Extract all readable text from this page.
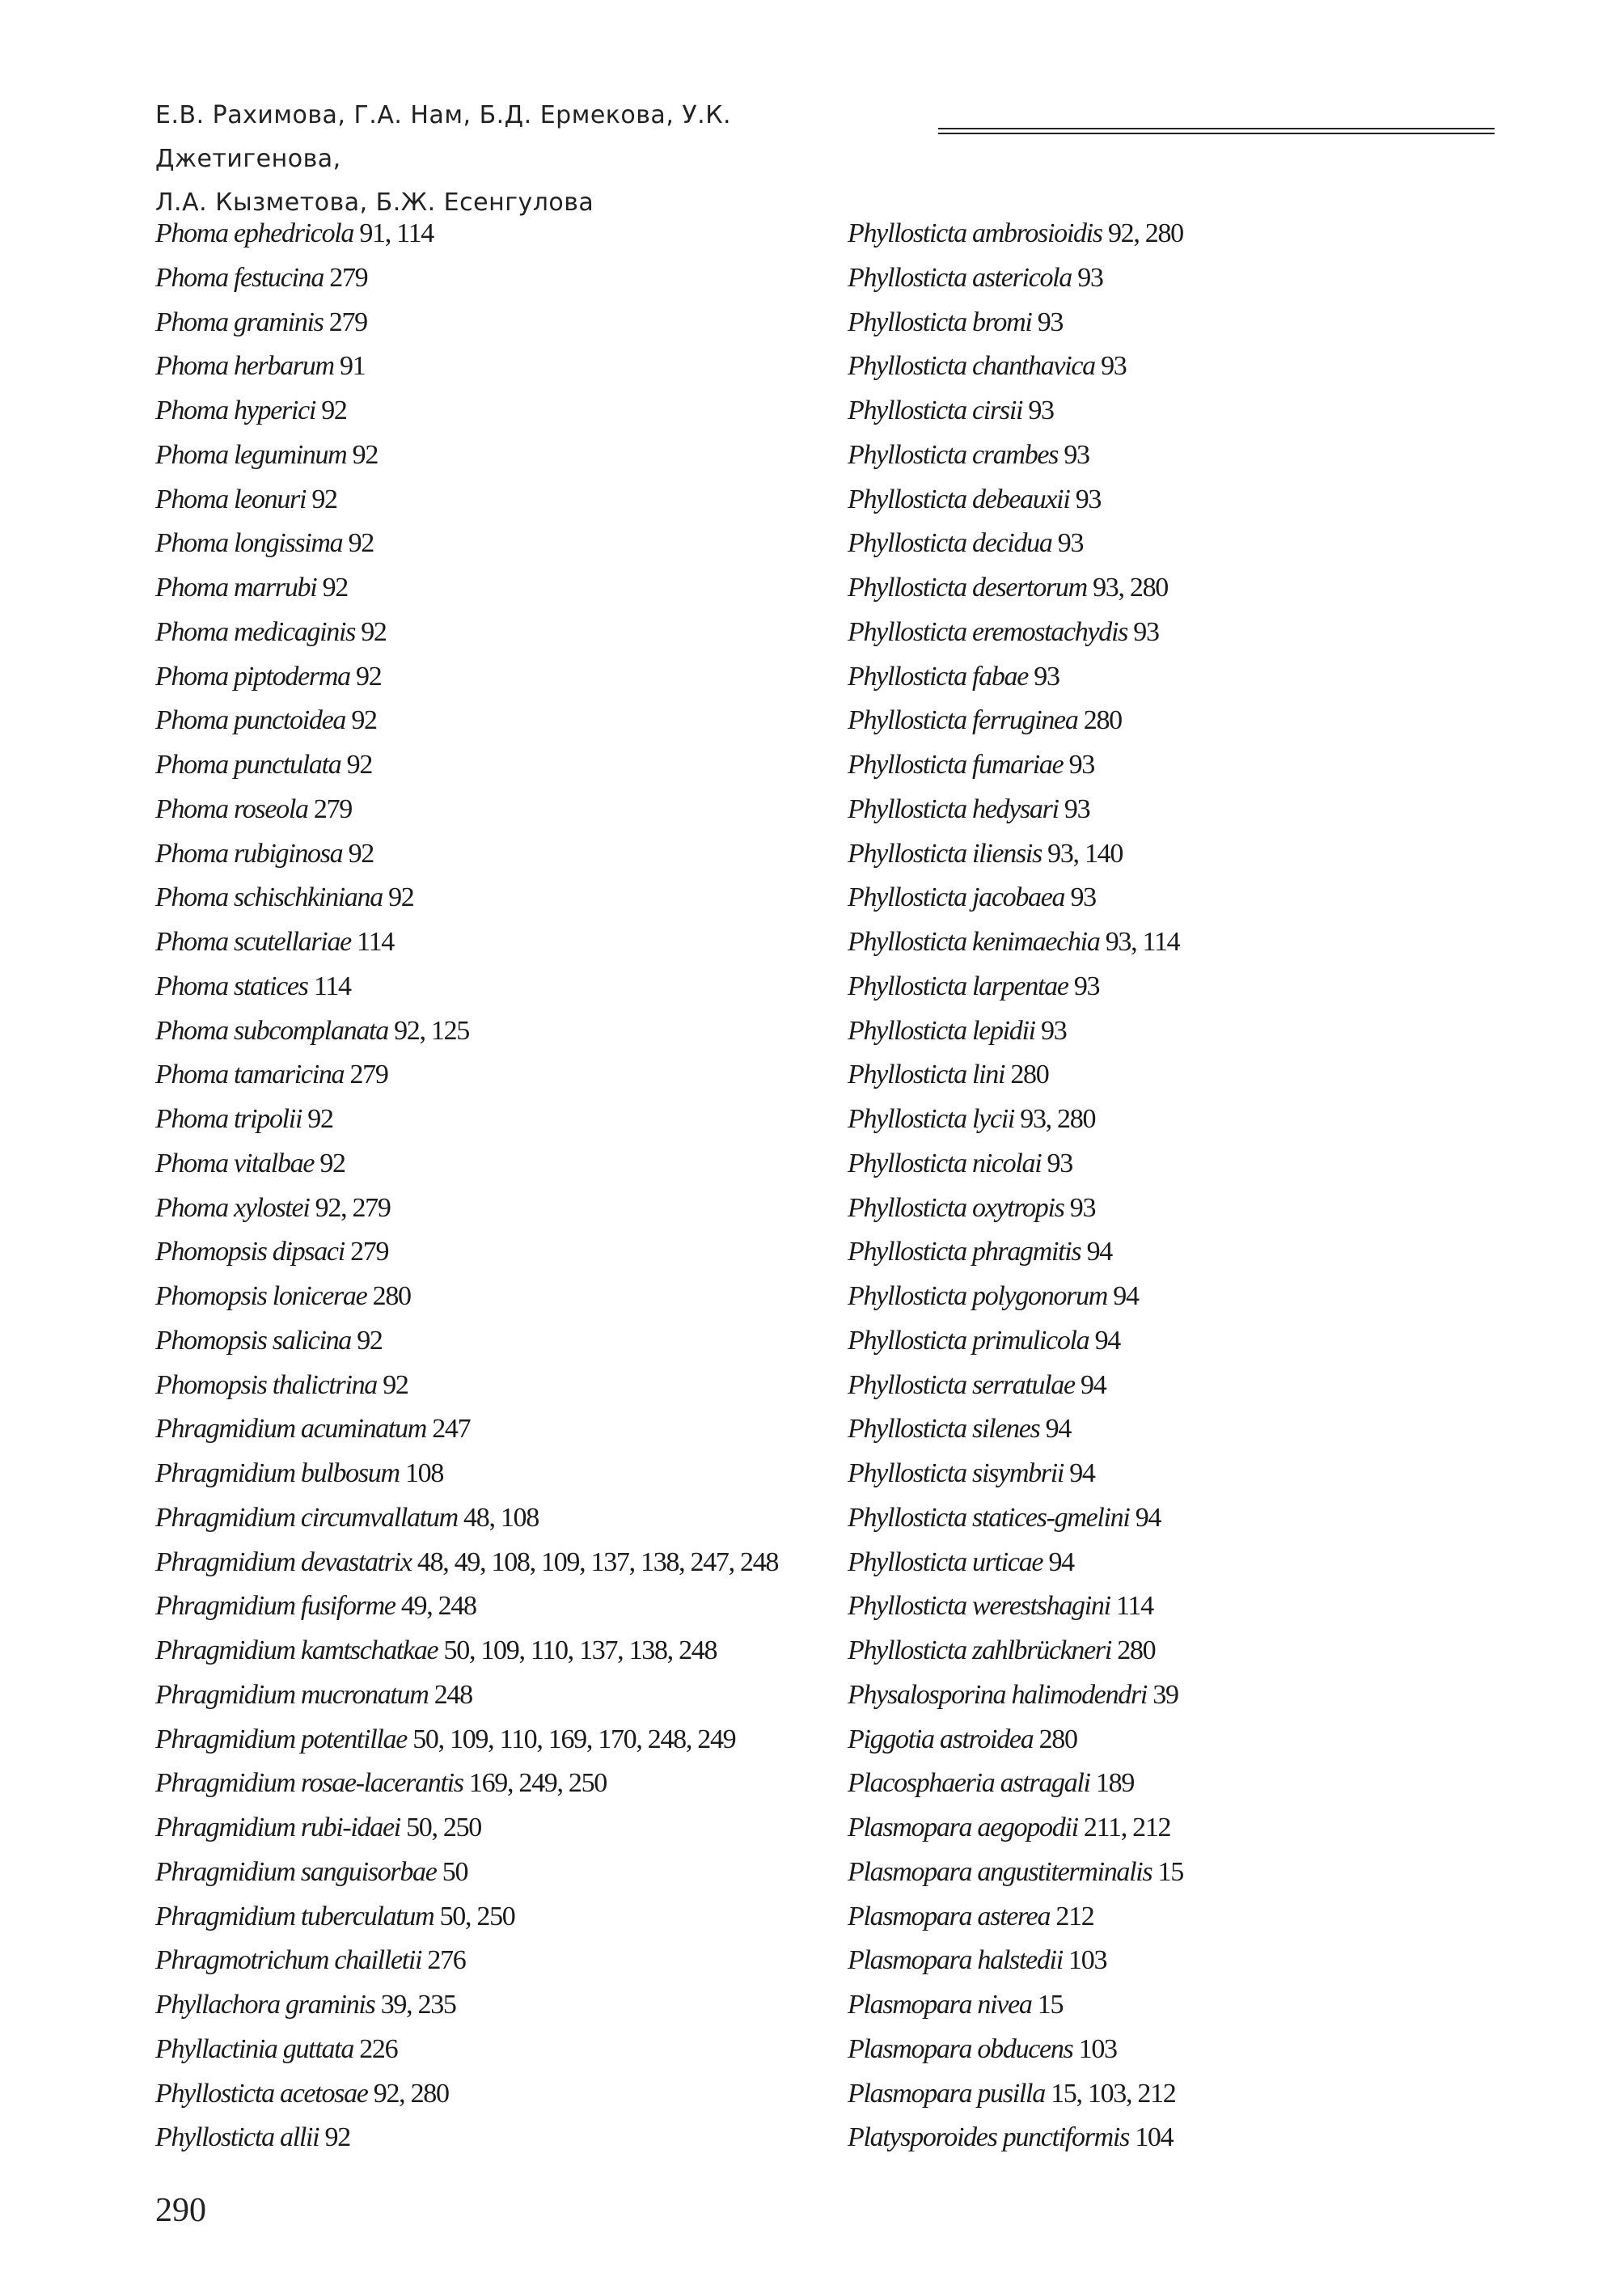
Е.В. Рахимова, Г.А. Нам, Б.Д. Ермекова, У.К. Джетигенова,
Л.А. Кызметова, Б.Ж. Есенгулова
Phoma ephedricola 91, 114
Phoma festucina 279
Phoma graminis 279
Phoma herbarum 91
Phoma hyperici 92
Phoma leguminum 92
Phoma leonuri 92
Phoma longissima 92
Phoma marrubi 92
Phoma medicaginis 92
Phoma piptoderma 92
Phoma punctoidea 92
Phoma punctulata 92
Phoma roseola 279
Phoma rubiginosa 92
Phoma schischkiniana 92
Phoma scutellariae 114
Phoma statices 114
Phoma subcomplanata 92, 125
Phoma tamaricina 279
Phoma tripolii 92
Phoma vitalbae 92
Phoma xylostei 92, 279
Phomopsis dipsaci 279
Phomopsis lonicerae 280
Phomopsis salicina 92
Phomopsis thalictrina 92
Phragmidium acuminatum 247
Phragmidium bulbosum 108
Phragmidium circumvallatum 48, 108
Phragmidium devastatrix 48, 49, 108, 109, 137, 138, 247, 248
Phragmidium fusiforme 49, 248
Phragmidium kamtschatkae 50, 109, 110, 137, 138, 248
Phragmidium mucronatum 248
Phragmidium potentillae 50, 109, 110, 169, 170, 248, 249
Phragmidium rosae-lacerantis 169, 249, 250
Phragmidium rubi-idaei 50, 250
Phragmidium sanguisorbae 50
Phragmidium tuberculatum 50, 250
Phragmotrichum chailletii 276
Phyllachora graminis 39, 235
Phyllactinia guttata 226
Phyllosticta acetosae 92, 280
Phyllosticta allii 92
Phyllosticta ambrosioidis 92, 280
Phyllosticta astericola 93
Phyllosticta bromi 93
Phyllosticta chanthavica 93
Phyllosticta cirsii 93
Phyllosticta crambes 93
Phyllosticta debeauxii 93
Phyllosticta decidua 93
Phyllosticta desertorum 93, 280
Phyllosticta eremostachydis 93
Phyllosticta fabae 93
Phyllosticta ferruginea 280
Phyllosticta fumariae 93
Phyllosticta hedysari 93
Phyllosticta iliensis 93, 140
Phyllosticta jacobaea 93
Phyllosticta kenimaechia 93, 114
Phyllosticta larpentae 93
Phyllosticta lepidii 93
Phyllosticta lini 280
Phyllosticta lycii 93, 280
Phyllosticta nicolai 93
Phyllosticta oxytropis 93
Phyllosticta phragmitis 94
Phyllosticta polygonorum 94
Phyllosticta primulicola 94
Phyllosticta serratulae 94
Phyllosticta silenes 94
Phyllosticta sisymbrii 94
Phyllosticta statices-gmelini 94
Phyllosticta urticae 94
Phyllosticta werestshagini 114
Phyllosticta zahlbrückneri 280
Physalosporina halimodendri 39
Piggotia astroidea 280
Placosphaeria astragali 189
Plasmopara aegopodii 211, 212
Plasmopara angustiterminalis 15
Plasmopara asterea 212
Plasmopara halstedii 103
Plasmopara nivea 15
Plasmopara obducens 103
Plasmopara pusilla 15, 103, 212
Platysporoides punctiformis 104
290
